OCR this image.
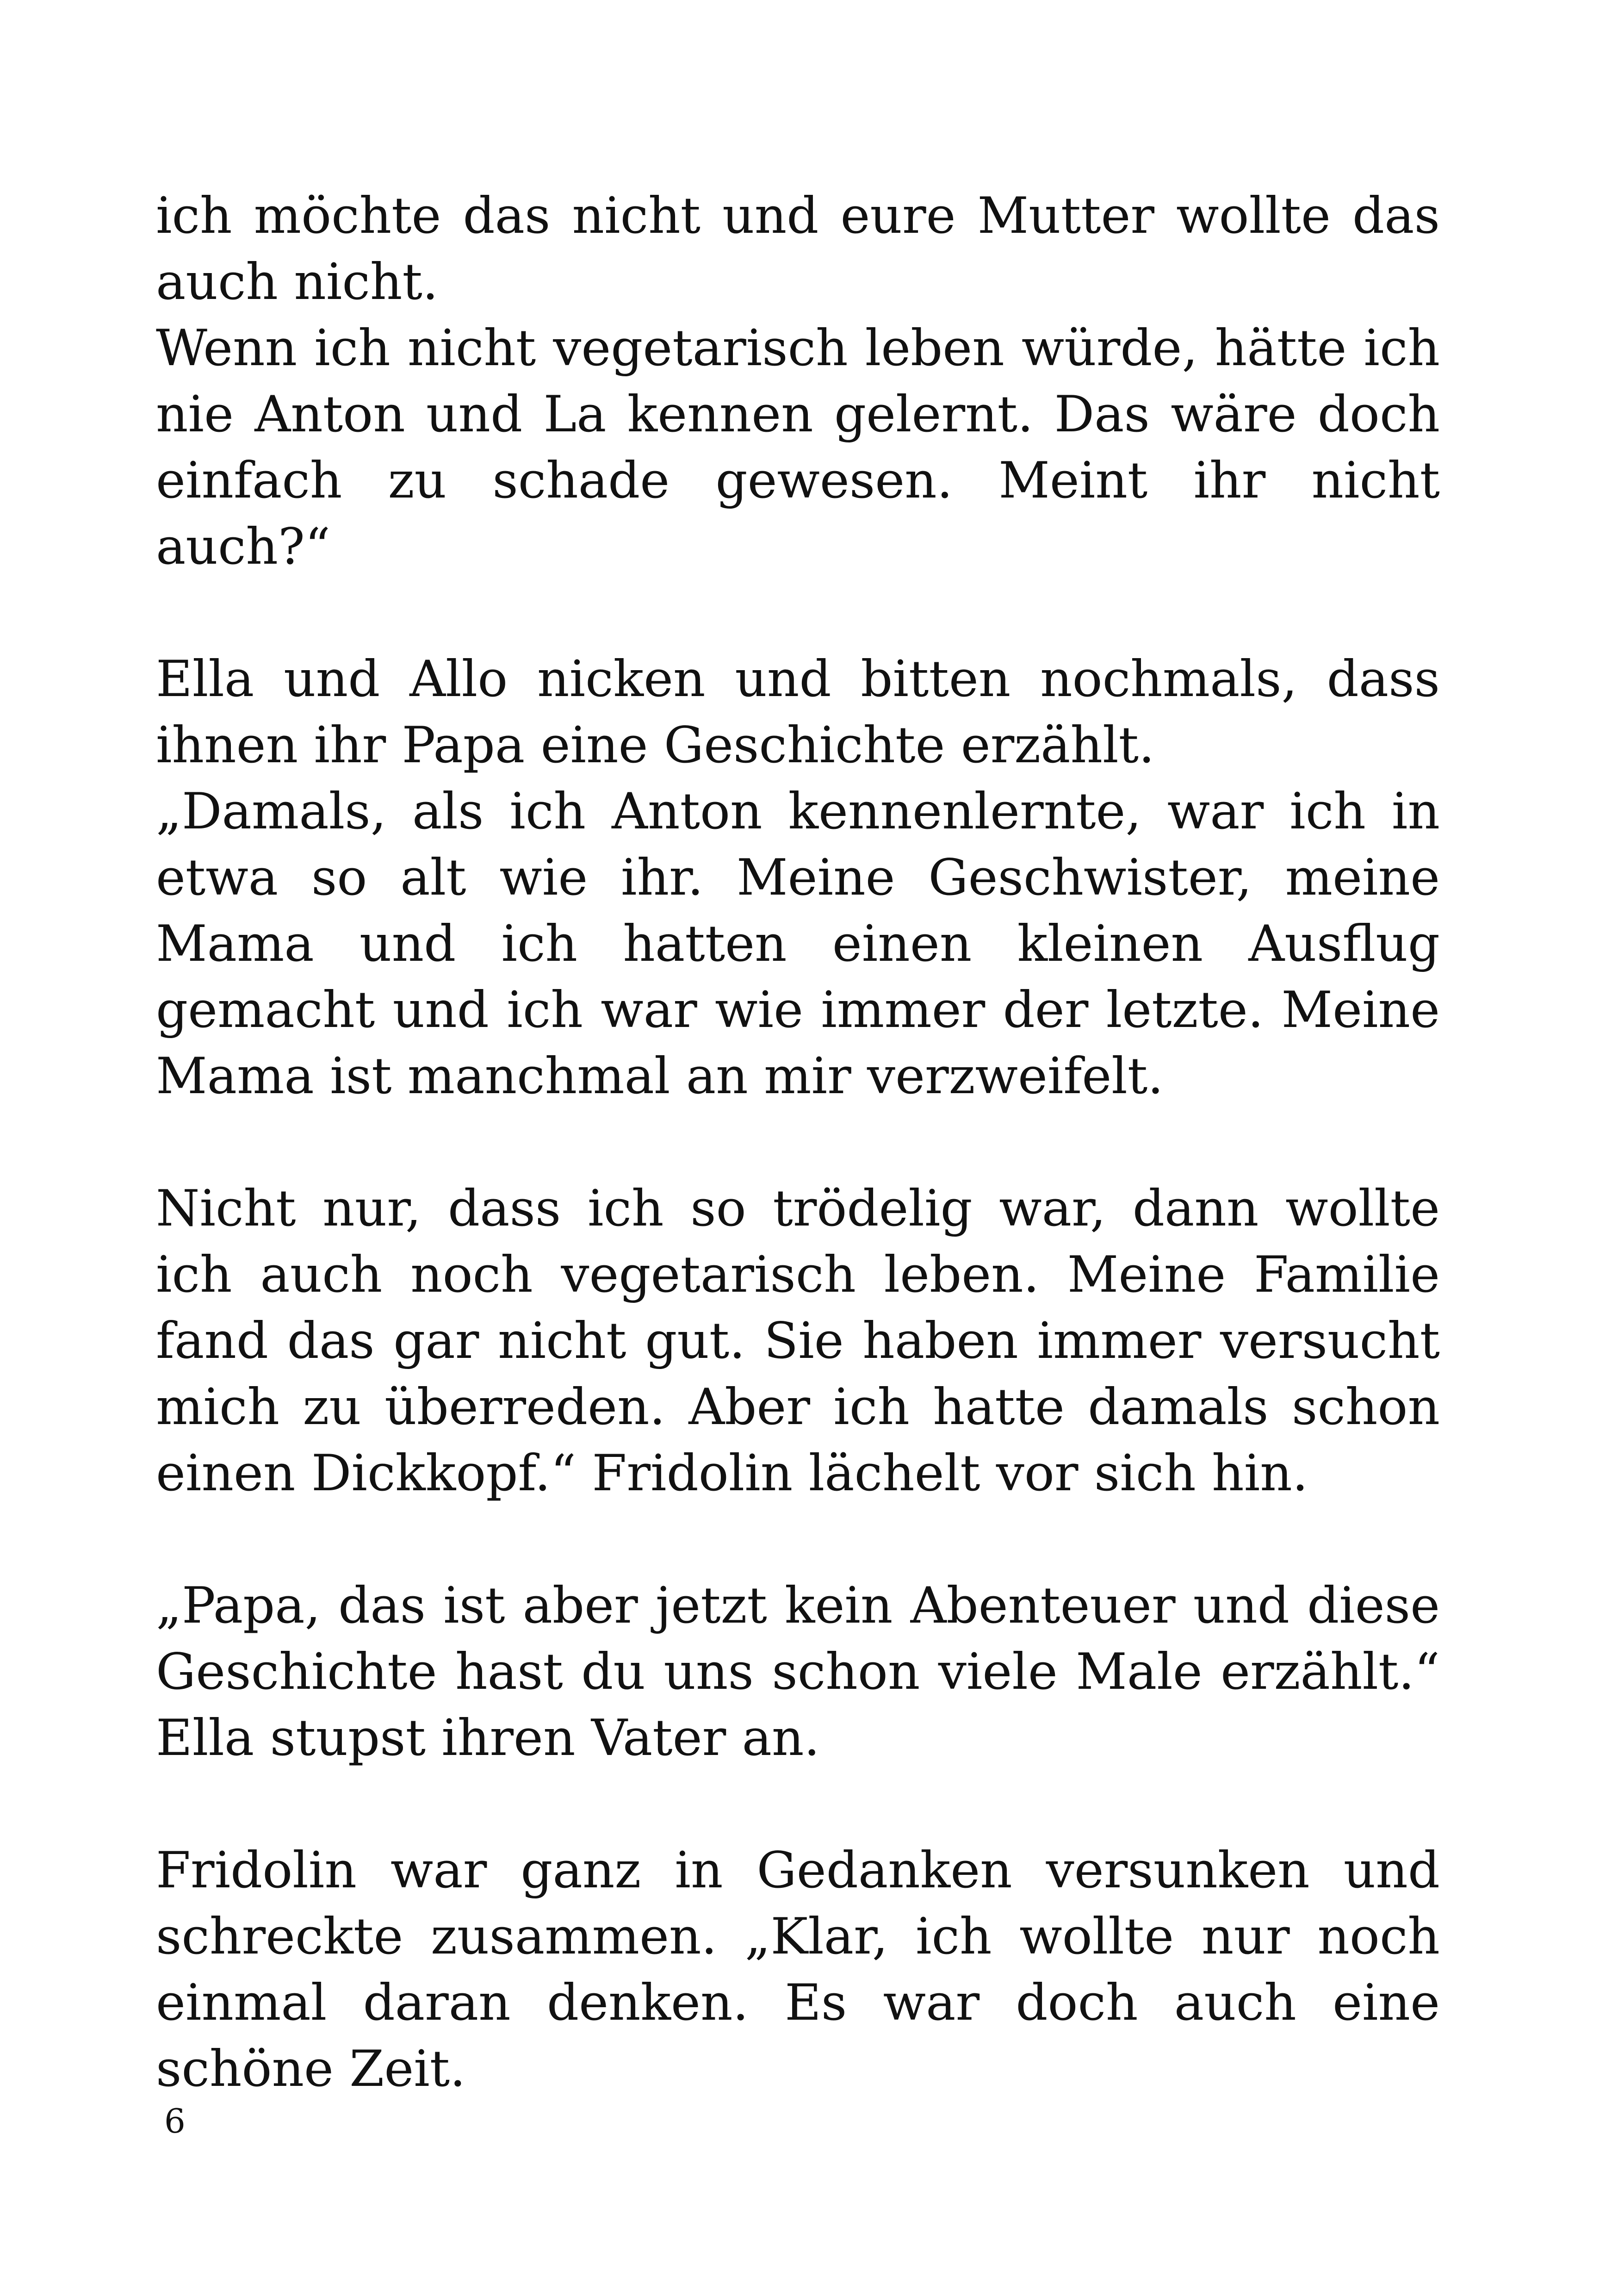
ich möchte das nicht und eure Mutter wollte das auch nicht.

Wenn ich nicht vegetarisch leben würde, hätte ich nie Anton und La kennen gelernt. Das wäre doch einfach zu schade gewesen. Meint ihr nicht auch?“

Ella und Allo nicken und bitten nochmals, dass ihnen ihr Papa eine Geschichte erzählt.

„Damals, als ich Anton kennenlernte, war ich in etwa so alt wie ihr. Meine Geschwister, meine Mama und ich hatten einen kleinen Ausflug gemacht und ich war wie immer der letzte. Meine Mama ist manchmal an mir verzweifelt.

Nicht nur, dass ich so trödelig war, dann wollte ich auch noch vegetarisch leben. Meine Familie fand das gar nicht gut. Sie haben immer versucht mich zu überreden. Aber ich hatte damals schon einen Dickkopf.“ Fridolin lächelt vor sich hin.

„Papa, das ist aber jetzt kein Abenteuer und diese Geschichte hast du uns schon viele Male erzählt.“ Ella stupst ihren Vater an.

Fridolin war ganz in Gedanken versunken und schreckte zusammen. „Klar, ich wollte nur noch einmal daran denken. Es war doch auch eine schöne Zeit.

6
